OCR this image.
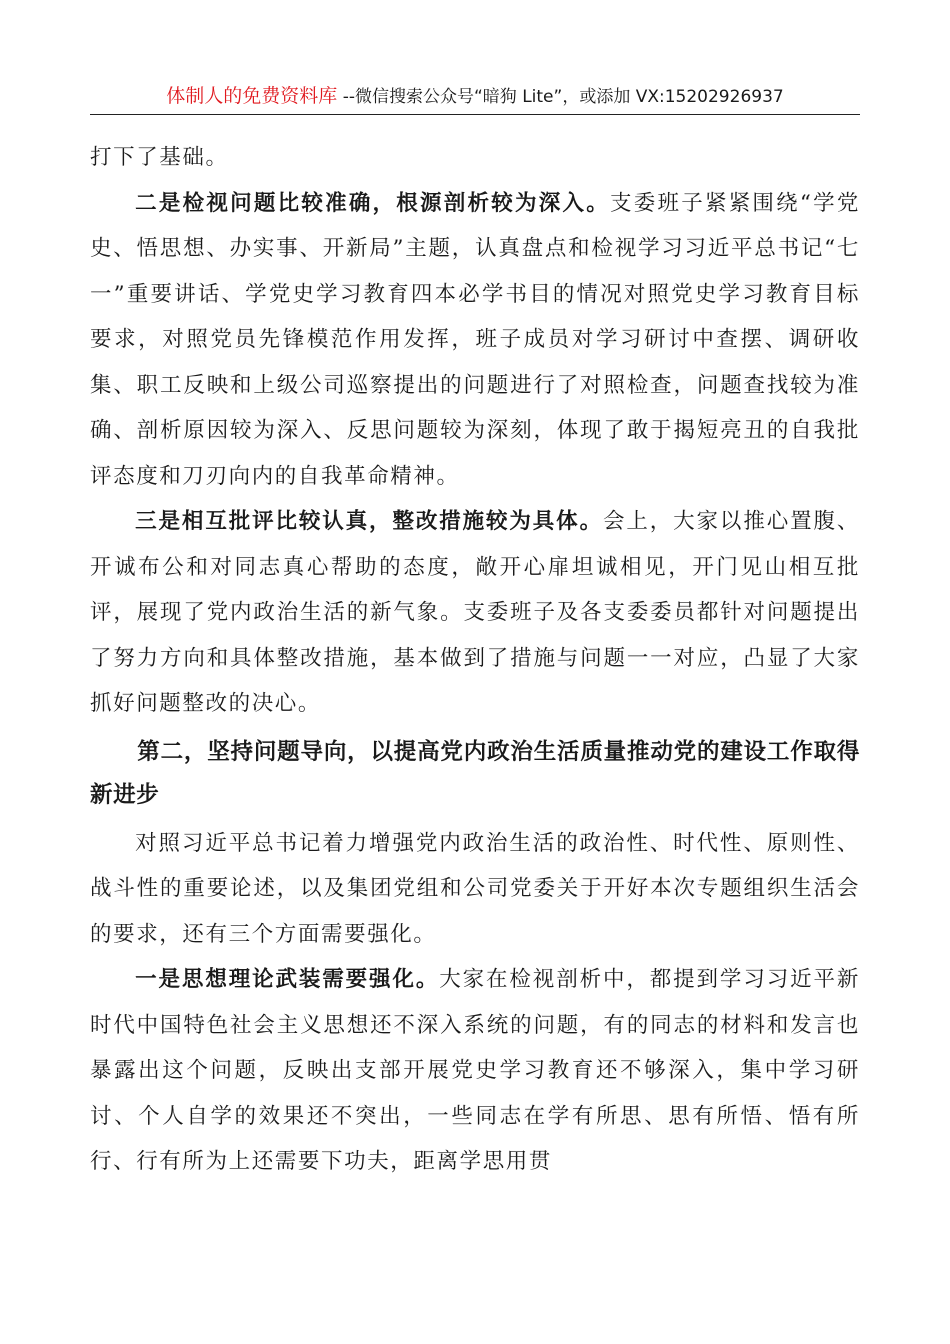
体制人的免费资料库 --微信搜索公众号“暗狗 Lite”，或添加 VX:15202926937

打下了基础。

二是检视问题比较准确，根源剖析较为深入。支委班子紧紧围绕“学党史、悟思想、办实事、开新局”主题，认真盘点和检视学习习近平总书记“七一”重要讲话、学党史学习教育四本必学书目的情况对照党史学习教育目标要求，对照党员先锋模范作用发挥，班子成员对学习研讨中查摆、调研收集、职工反映和上级公司巡察提出的问题进行了对照检查，问题查找较为准确、剖析原因较为深入、反思问题较为深刻，体现了敢于揭短亮丑的自我批评态度和刀刃向内的自我革命精神。

三是相互批评比较认真，整改措施较为具体。会上，大家以推心置腹、开诚布公和对同志真心帮助的态度，敞开心扉坦诚相见，开门见山相互批评，展现了党内政治生活的新气象。支委班子及各支委委员都针对问题提出了努力方向和具体整改措施，基本做到了措施与问题一一对应，凸显了大家抓好问题整改的决心。

第二，坚持问题导向，以提高党内政治生活质量推动党的建设工作取得新进步

对照习近平总书记着力增强党内政治生活的政治性、时代性、原则性、战斗性的重要论述，以及集团党组和公司党委关于开好本次专题组织生活会的要求，还有三个方面需要强化。

一是思想理论武装需要强化。大家在检视剖析中，都提到学习习近平新时代中国特色社会主义思想还不深入系统的问题，有的同志的材料和发言也暴露出这个问题，反映出支部开展党史学习教育还不够深入，集中学习研讨、个人自学的效果还不突出，一些同志在学有所思、思有所悟、悟有所行、行有所为上还需要下功夫，距离学思用贯
